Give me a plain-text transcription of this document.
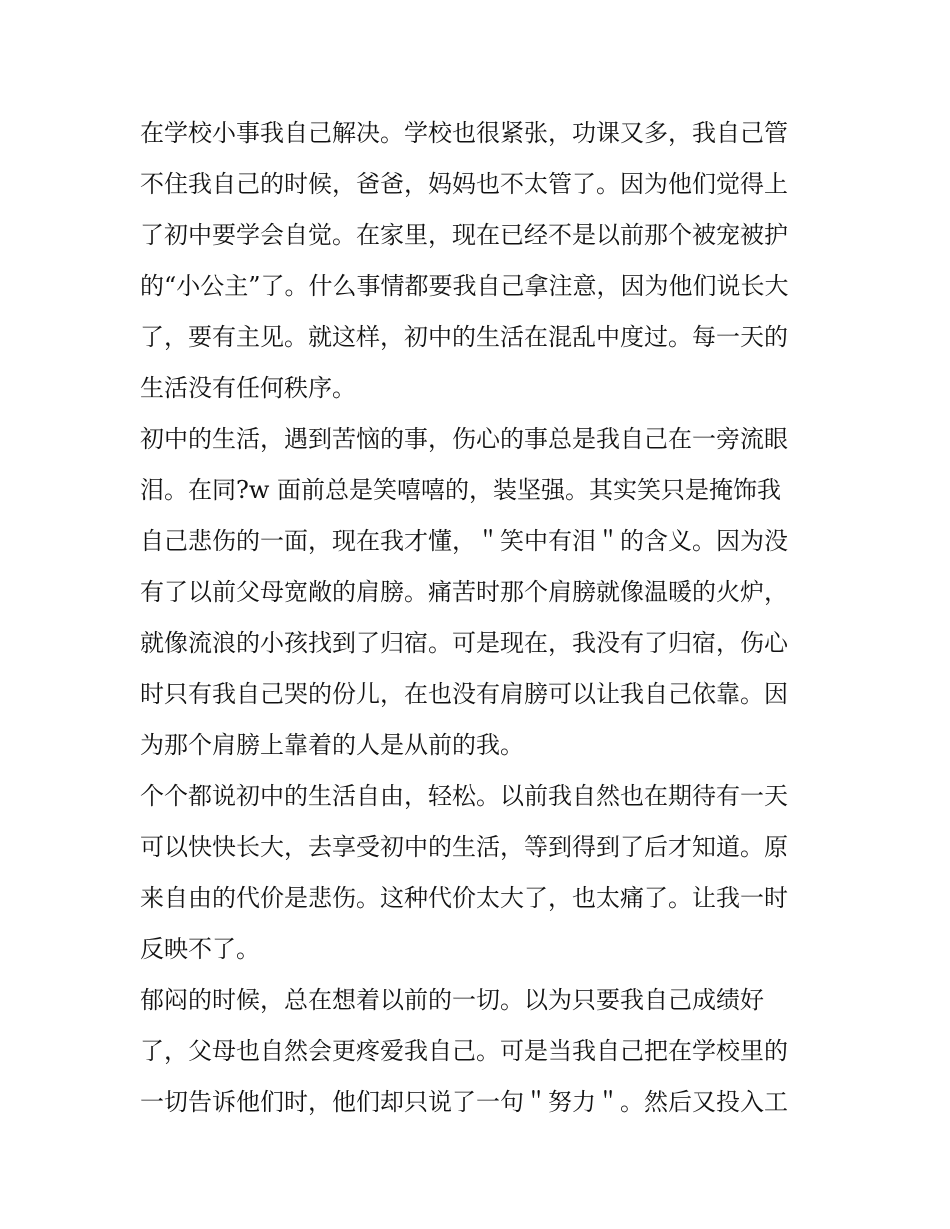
在学校小事我自己解决。学校也很紧张，功课又多，我自己管
不住我自己的时候，爸爸，妈妈也不太管了。因为他们觉得上
了初中要学会自觉。在家里，现在已经不是以前那个被宠被护
的“小公主”了。什么事情都要我自己拿注意，因为他们说长大
了，要有主见。就这样，初中的生活在混乱中度过。每一天的
生活没有任何秩序。
初中的生活，遇到苦恼的事，伤心的事总是我自己在一旁流眼
泪。在同?w 面前总是笑嘻嘻的，装坚强。其实笑只是掩饰我
自己悲伤的一面，现在我才懂，＂笑中有泪＂的含义。因为没
有了以前父母宽敞的肩膀。痛苦时那个肩膀就像温暖的火炉，
就像流浪的小孩找到了归宿。可是现在，我没有了归宿，伤心
时只有我自己哭的份儿，在也没有肩膀可以让我自己依靠。因
为那个肩膀上靠着的人是从前的我。
个个都说初中的生活自由，轻松。以前我自然也在期待有一天
可以快快长大，去享受初中的生活，等到得到了后才知道。原
来自由的代价是悲伤。这种代价太大了，也太痛了。让我一时
反映不了。
郁闷的时候，总在想着以前的一切。以为只要我自己成绩好
了，父母也自然会更疼爱我自己。可是当我自己把在学校里的
一切告诉他们时，他们却只说了一句＂努力＂。然后又投入工
